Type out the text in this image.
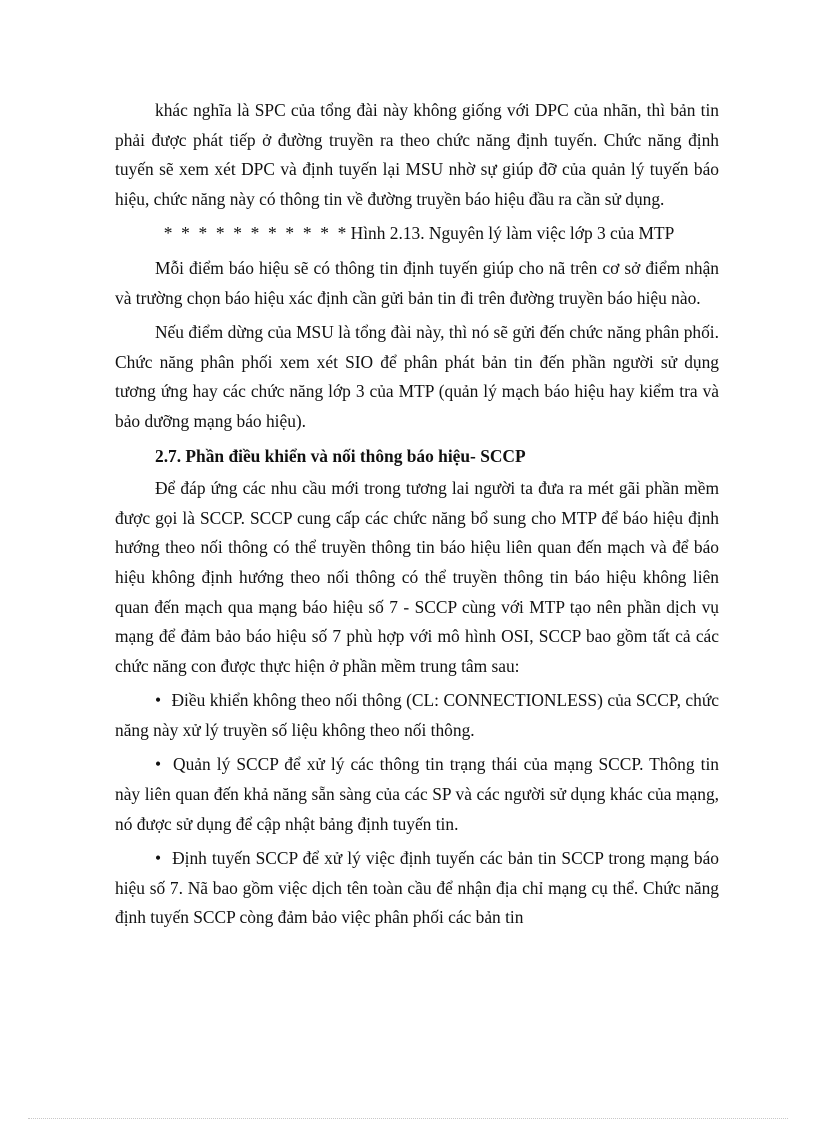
khác nghĩa là SPC của tổng đài này không giống với DPC của nhãn, thì bản tin phải được phát tiếp ở đường truyền ra theo chức năng định tuyến. Chức năng định tuyến sẽ xem xét DPC và định tuyến lại MSU nhờ sự giúp đỡ của quản lý tuyến báo hiệu, chức năng này có thông tin về đường truyền báo hiệu đầu ra cần sử dụng.

*  *  *  *  *  *  *  *  *  *  * Hình 2.13. Nguyên lý làm việc lớp 3 của MTP

Mỗi điểm báo hiệu sẽ có thông tin định tuyến giúp cho nã trên cơ sở điểm nhận và trường chọn báo hiệu xác định cần gửi bản tin đi trên đường truyền báo hiệu nào.

Nếu điểm dừng của MSU là tổng đài này, thì nó sẽ gửi đến chức năng phân phối. Chức năng phân phối xem xét SIO để phân phát bản tin đến phần người sử dụng tương ứng hay các chức năng lớp 3 của MTP (quản lý mạch báo hiệu hay kiểm tra và bảo dưỡng mạng báo hiệu).

2.7. Phần điều khiển và nối thông báo hiệu- SCCP

Để đáp ứng các nhu cầu mới trong tương lai người ta đưa ra mét gãi phần mềm được gọi là SCCP. SCCP cung cấp các chức năng bổ sung cho MTP để báo hiệu định hướng theo nối thông có thể truyền thông tin báo hiệu liên quan đến mạch và để báo hiệu không định hướng theo nối thông có thể truyền thông tin báo hiệu không liên quan đến mạch qua mạng báo hiệu số 7 - SCCP cùng với MTP tạo nên phần dịch vụ mạng để đảm bảo báo hiệu số 7 phù hợp với mô hình OSI, SCCP bao gồm tất cả các chức năng con được thực hiện ở phần mềm trung tâm sau:

• Điều khiển không theo nối thông (CL: CONNECTIONLESS) của SCCP, chức năng này xử lý truyền số liệu không theo nối thông.

• Quản lý SCCP để xử lý các thông tin trạng thái của mạng SCCP. Thông tin này liên quan đến khả năng sẵn sàng của các SP và các người sử dụng khác của mạng, nó được sử dụng để cập nhật bảng định tuyến tin.

• Định tuyến SCCP để xử lý việc định tuyến các bản tin SCCP trong mạng báo hiệu số 7. Nã bao gồm việc dịch tên toàn cầu để nhận địa chỉ mạng cụ thể. Chức năng định tuyến SCCP còng đảm bảo việc phân phối các bản tin
